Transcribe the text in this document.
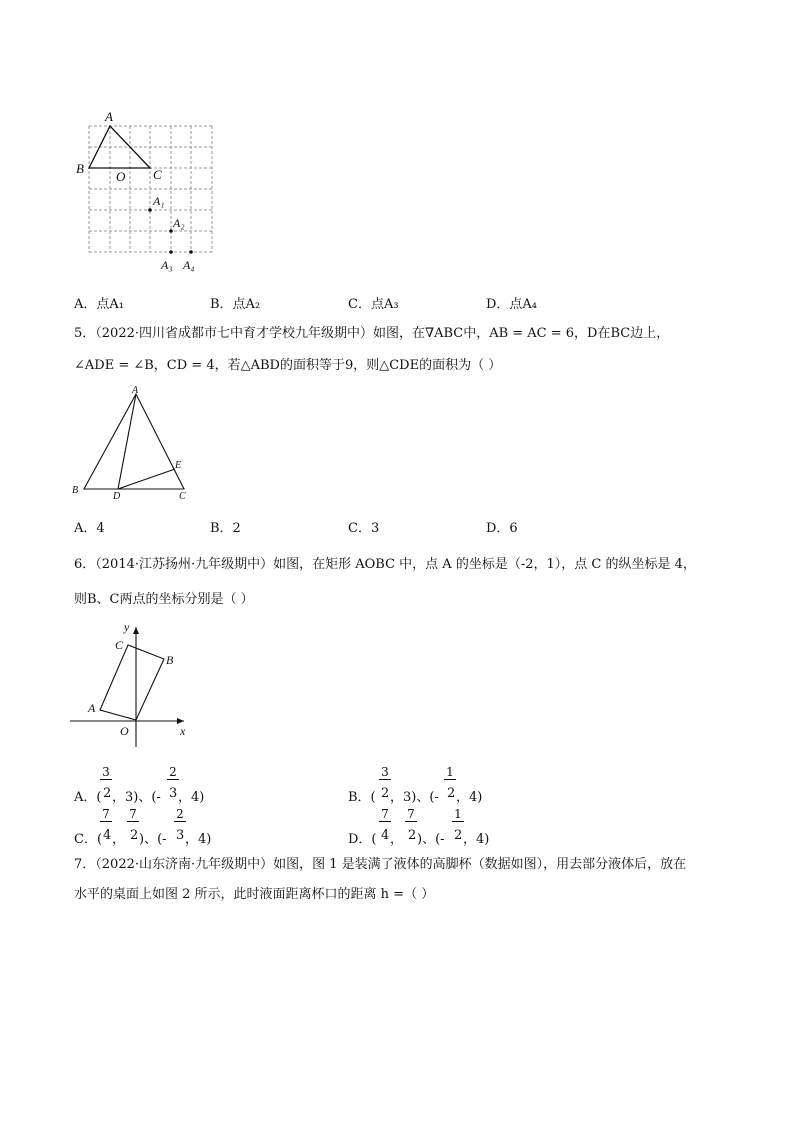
A
B
O C
A₁
A₂
A₃ A₄
A．点A₁	B．点A₂	C．点A₃	D．点A₄
5．（2022·四川省成都市七中育才学校九年级期中）如图，在∇ABC中，AB = AC = 6，D在BC边上，
∠ADE = ∠B，CD = 4，若△ABD的面积等于9，则△CDE的面积为（ ）
A
B
C
D
E
A．4	B．2	C．3	D．6
6．（2014·江苏扬州·九年级期中）如图，在矩形 AOBC 中，点 A 的坐标是（-2，1），点 C 的纵坐标是 4，
则B、C两点的坐标分别是（ ）
y
x
O
A
C
B
A．(
3
2 ，3)、(-
2
3 ，4)	B．(
3
2 ，3)、(-
1
2 ，4)
C．(
7
4 ，
7
2 )、(-
2
3 ，4)	D．(
7
4 ，
7
2 )、(-
1
2 ，4)
7．（2022·山东济南·九年级期中）如图，图 1 是装满了液体的高脚杯（数据如图），用去部分液体后，放在
水平的桌面上如图 2 所示，此时液面距离杯口的距离 h =（ ）
